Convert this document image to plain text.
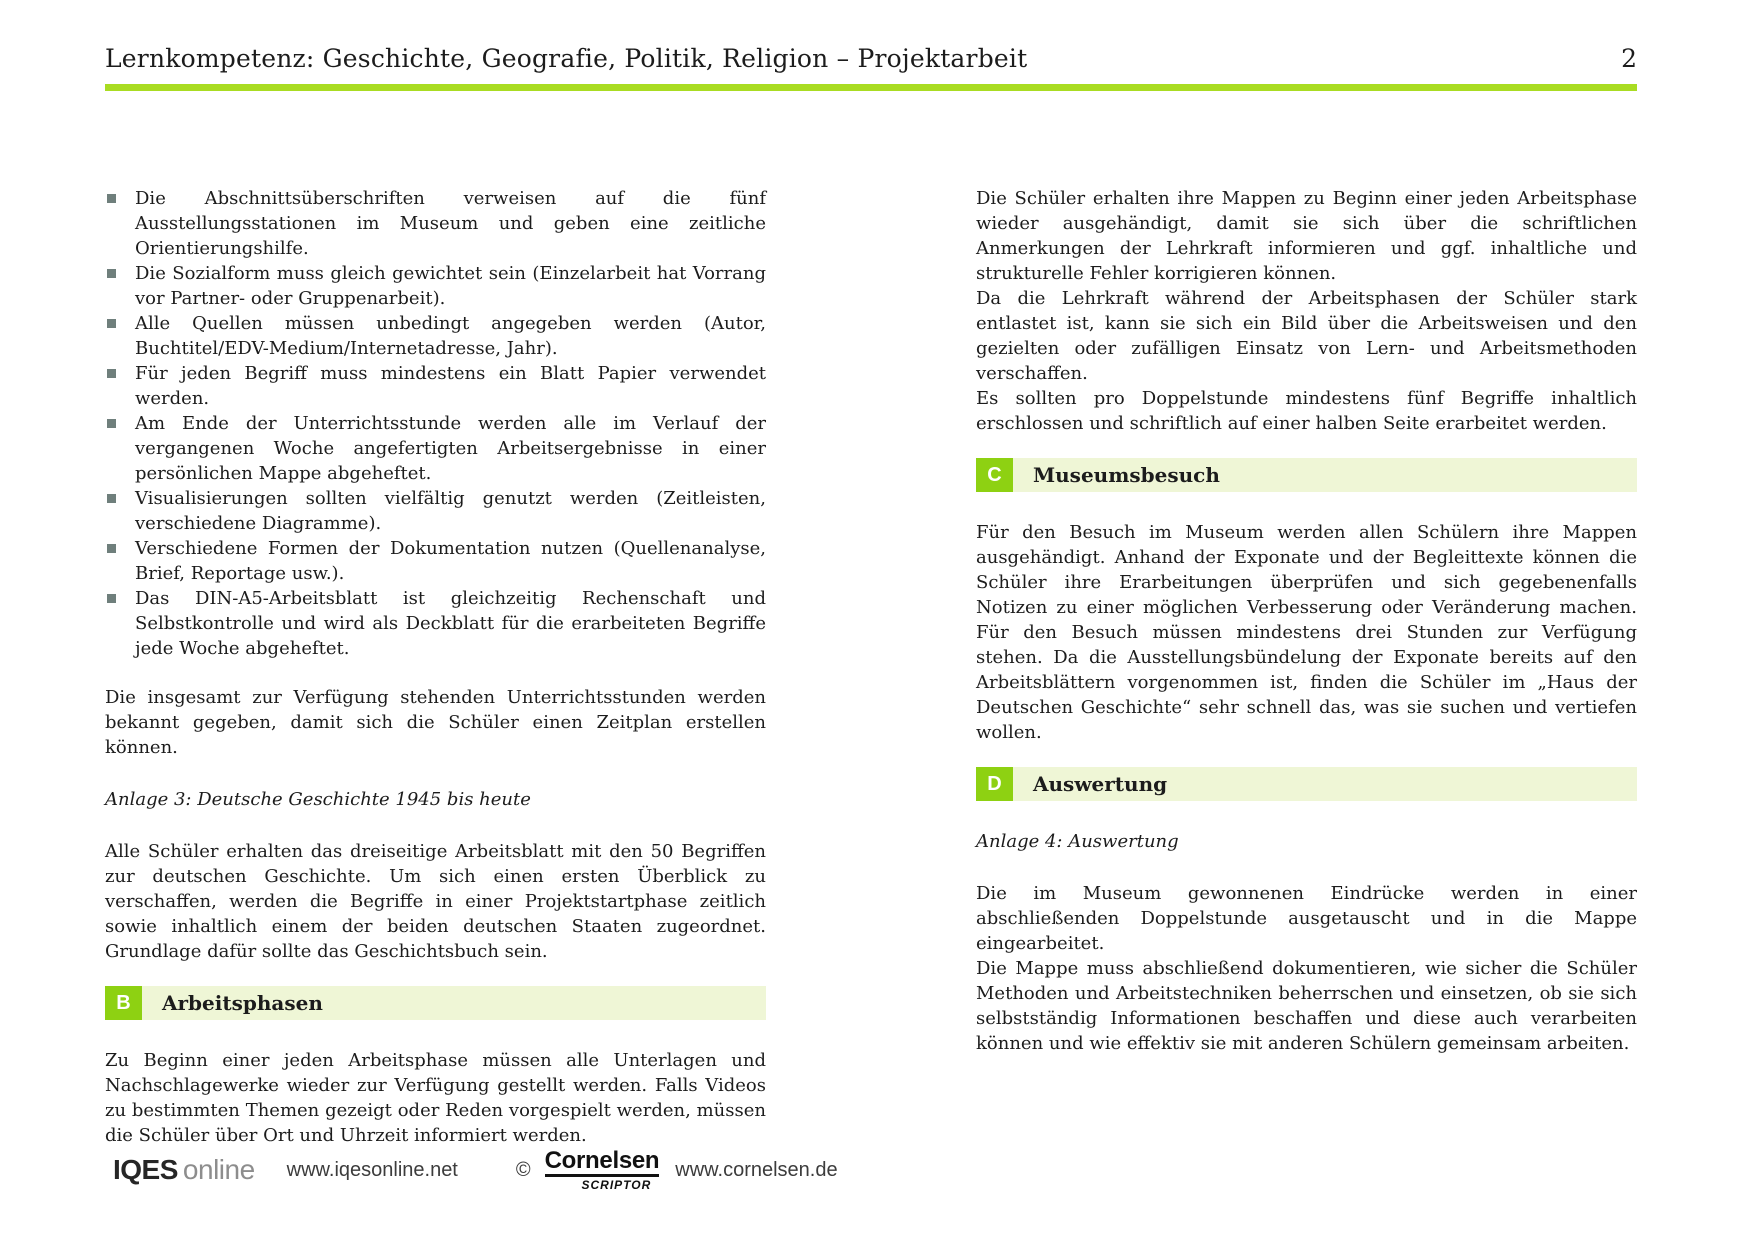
Lernkompetenz: Geschichte, Geografie, Politik, Religion – Projektarbeit	2
Die Abschnittsüberschriften verweisen auf die fünf Ausstellungsstationen im Museum und geben eine zeitliche Orientierungshilfe.
Die Sozialform muss gleich gewichtet sein (Einzelarbeit hat Vorrang vor Partner- oder Gruppenarbeit).
Alle Quellen müssen unbedingt angegeben werden (Autor, Buchtitel/EDV-Medium/Internetadresse, Jahr).
Für jeden Begriff muss mindestens ein Blatt Papier verwendet werden.
Am Ende der Unterrichtsstunde werden alle im Verlauf der vergangenen Woche angefertigten Arbeitsergebnisse in einer persönlichen Mappe abgeheftet.
Visualisierungen sollten vielfältig genutzt werden (Zeitleisten, verschiedene Diagramme).
Verschiedene Formen der Dokumentation nutzen (Quellenanalyse, Brief, Reportage usw.).
Das DIN-A5-Arbeitsblatt ist gleichzeitig Rechenschaft und Selbstkontrolle und wird als Deckblatt für die erarbeiteten Begriffe jede Woche abgeheftet.

Die insgesamt zur Verfügung stehenden Unterrichtsstunden werden bekannt gegeben, damit sich die Schüler einen Zeitplan erstellen können.

Anlage 3: Deutsche Geschichte 1945 bis heute

Alle Schüler erhalten das dreiseitige Arbeitsblatt mit den 50 Begriffen zur deutschen Geschichte. Um sich einen ersten Überblick zu verschaffen, werden die Begriffe in einer Projektstartphase zeitlich sowie inhaltlich einem der beiden deutschen Staaten zugeordnet. Grundlage dafür sollte das Geschichtsbuch sein.

B	Arbeitsphasen

Zu Beginn einer jeden Arbeitsphase müssen alle Unterlagen und Nachschlagewerke wieder zur Verfügung gestellt werden. Falls Videos zu bestimmten Themen gezeigt oder Reden vorgespielt werden, müssen die Schüler über Ort und Uhrzeit informiert werden.

Die Schüler erhalten ihre Mappen zu Beginn einer jeden Arbeitsphase wieder ausgehändigt, damit sie sich über die schriftlichen Anmerkungen der Lehrkraft informieren und ggf. inhaltliche und strukturelle Fehler korrigieren können.

Da die Lehrkraft während der Arbeitsphasen der Schüler stark entlastet ist, kann sie sich ein Bild über die Arbeitsweisen und den gezielten oder zufälligen Einsatz von Lern- und Arbeitsmethoden verschaffen.

Es sollten pro Doppelstunde mindestens fünf Begriffe inhaltlich erschlossen und schriftlich auf einer halben Seite erarbeitet werden.

C	Museumsbesuch

Für den Besuch im Museum werden allen Schülern ihre Mappen ausgehändigt. Anhand der Exponate und der Begleittexte können die Schüler ihre Erarbeitungen überprüfen und sich gegebenenfalls Notizen zu einer möglichen Verbesserung oder Veränderung machen. Für den Besuch müssen mindestens drei Stunden zur Verfügung stehen. Da die Ausstellungsbündelung der Exponate bereits auf den Arbeitsblättern vorgenommen ist, finden die Schüler im „Haus der Deutschen Geschichte“ sehr schnell das, was sie suchen und vertiefen wollen.

D	Auswertung

Anlage 4: Auswertung

Die im Museum gewonnenen Eindrücke werden in einer abschließenden Doppelstunde ausgetauscht und in die Mappe eingearbeitet.

Die Mappe muss abschließend dokumentieren, wie sicher die Schüler Methoden und Arbeitstechniken beherrschen und einsetzen, ob sie sich selbstständig Informationen beschaffen und diese auch verarbeiten können und wie effektiv sie mit anderen Schülern gemeinsam arbeiten.

IQES online www.iqesonline.net	© Cornelsen
SCRIPTOR
www.cornelsen.de
